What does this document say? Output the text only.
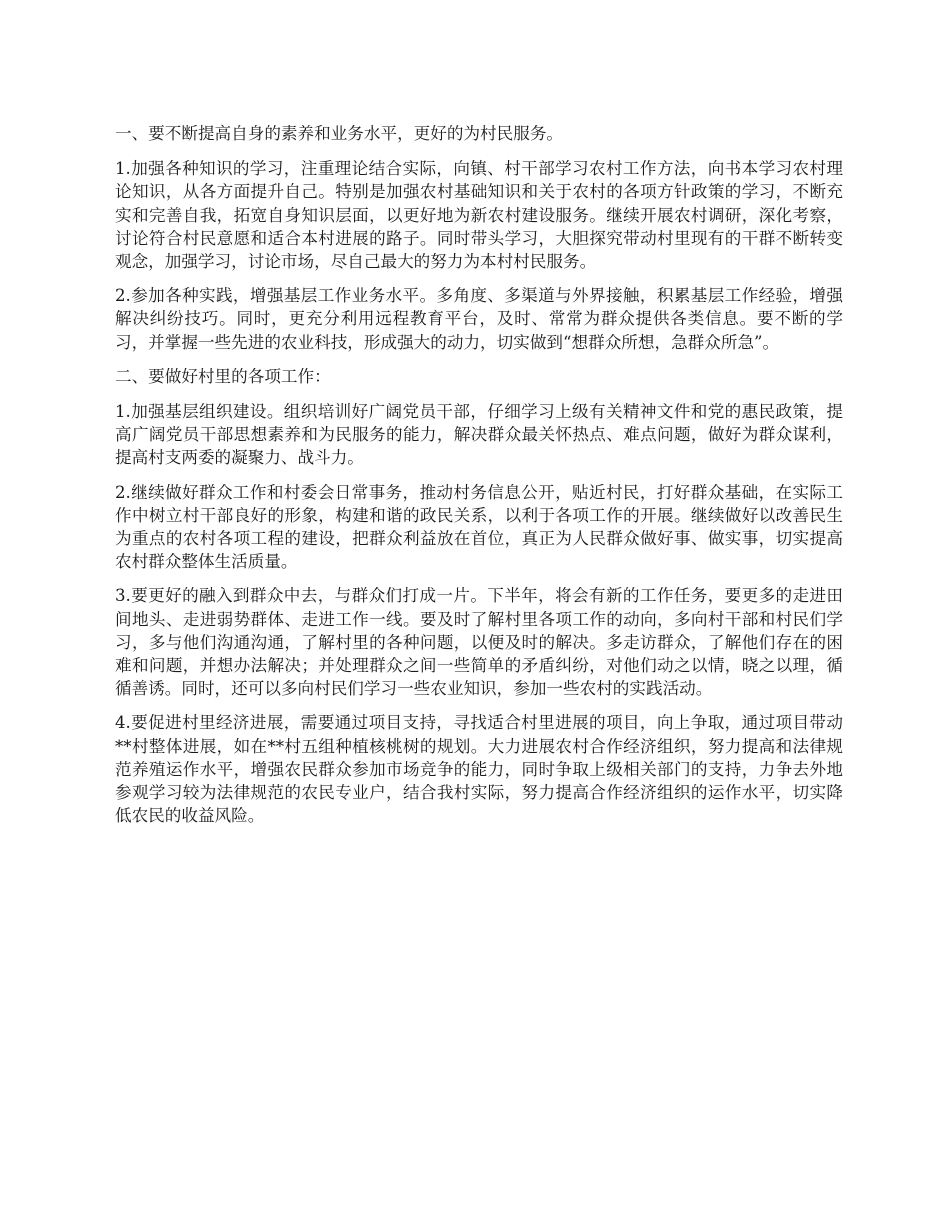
一、要不断提高自身的素养和业务水平，更好的为村民服务。

1.加强各种知识的学习，注重理论结合实际，向镇、村干部学习农村工作方法，向书本学习农村理论知识，从各方面提升自己。特别是加强农村基础知识和关于农村的各项方针政策的学习，不断充实和完善自我，拓宽自身知识层面，以更好地为新农村建设服务。继续开展农村调研，深化考察，讨论符合村民意愿和适合本村进展的路子。同时带头学习，大胆探究带动村里现有的干群不断转变观念，加强学习，讨论市场，尽自己最大的努力为本村村民服务。

2.参加各种实践，增强基层工作业务水平。多角度、多渠道与外界接触，积累基层工作经验，增强解决纠纷技巧。同时，更充分利用远程教育平台，及时、常常为群众提供各类信息。要不断的学习，并掌握一些先进的农业科技，形成强大的动力，切实做到“想群众所想，急群众所急”。

二、要做好村里的各项工作：

1.加强基层组织建设。组织培训好广阔党员干部，仔细学习上级有关精神文件和党的惠民政策，提高广阔党员干部思想素养和为民服务的能力，解决群众最关怀热点、难点问题，做好为群众谋利，提高村支两委的凝聚力、战斗力。

2.继续做好群众工作和村委会日常事务，推动村务信息公开，贴近村民，打好群众基础，在实际工作中树立村干部良好的形象，构建和谐的政民关系，以利于各项工作的开展。继续做好以改善民生为重点的农村各项工程的建设，把群众利益放在首位，真正为人民群众做好事、做实事，切实提高农村群众整体生活质量。

3.要更好的融入到群众中去，与群众们打成一片。下半年，将会有新的工作任务，要更多的走进田间地头、走进弱势群体、走进工作一线。要及时了解村里各项工作的动向，多向村干部和村民们学习，多与他们沟通沟通，了解村里的各种问题，以便及时的解决。多走访群众，了解他们存在的困难和问题，并想办法解决；并处理群众之间一些简单的矛盾纠纷，对他们动之以情，晓之以理，循循善诱。同时，还可以多向村民们学习一些农业知识，参加一些农村的实践活动。

4.要促进村里经济进展，需要通过项目支持，寻找适合村里进展的项目，向上争取，通过项目带动**村整体进展，如在**村五组种植核桃树的规划。大力进展农村合作经济组织，努力提高和法律规范养殖运作水平，增强农民群众参加市场竞争的能力，同时争取上级相关部门的支持，力争去外地参观学习较为法律规范的农民专业户，结合我村实际，努力提高合作经济组织的运作水平，切实降低农民的收益风险。
